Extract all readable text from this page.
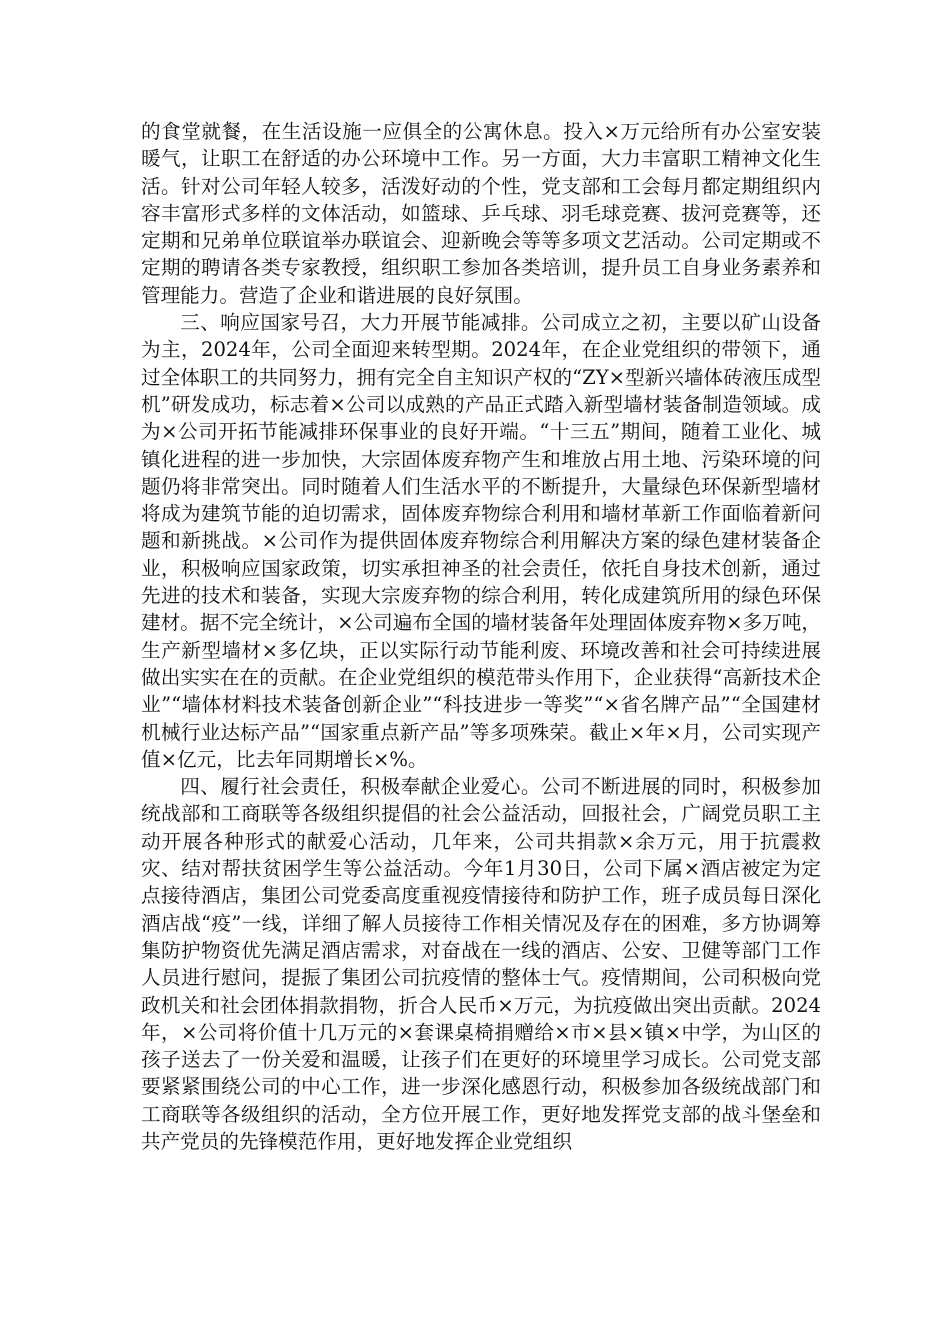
的食堂就餐，在生活设施一应俱全的公寓休息。投入×万元给所有办公室安装暖气，让职工在舒适的办公环境中工作。另一方面，大力丰富职工精神文化生活。针对公司年轻人较多，活泼好动的个性，党支部和工会每月都定期组织内容丰富形式多样的文体活动，如篮球、乒乓球、羽毛球竞赛、拔河竞赛等，还定期和兄弟单位联谊举办联谊会、迎新晚会等等多项文艺活动。公司定期或不定期的聘请各类专家教授，组织职工参加各类培训，提升员工自身业务素养和管理能力。营造了企业和谐进展的良好氛围。

三、响应国家号召，大力开展节能减排。公司成立之初，主要以矿山设备为主，2024年，公司全面迎来转型期。2024年，在企业党组织的带领下，通过全体职工的共同努力，拥有完全自主知识产权的“ZY×型新兴墙体砖液压成型机”研发成功，标志着×公司以成熟的产品正式踏入新型墙材装备制造领域。成为×公司开拓节能减排环保事业的良好开端。“十三五”期间，随着工业化、城镇化进程的进一步加快，大宗固体废弃物产生和堆放占用土地、污染环境的问题仍将非常突出。同时随着人们生活水平的不断提升，大量绿色环保新型墙材将成为建筑节能的迫切需求，固体废弃物综合利用和墙材革新工作面临着新问题和新挑战。×公司作为提供固体废弃物综合利用解决方案的绿色建材装备企业，积极响应国家政策，切实承担神圣的社会责任，依托自身技术创新，通过先进的技术和装备，实现大宗废弃物的综合利用，转化成建筑所用的绿色环保建材。据不完全统计，×公司遍布全国的墙材装备年处理固体废弃物×多万吨，生产新型墙材×多亿块，正以实际行动节能利废、环境改善和社会可持续进展做出实实在在的贡献。在企业党组织的模范带头作用下，企业获得“高新技术企业”“墙体材料技术装备创新企业”“科技进步一等奖”“×省名牌产品”“全国建材机械行业达标产品”“国家重点新产品”等多项殊荣。截止×年×月，公司实现产值×亿元，比去年同期增长×%。

四、履行社会责任，积极奉献企业爱心。公司不断进展的同时，积极参加统战部和工商联等各级组织提倡的社会公益活动，回报社会，广阔党员职工主动开展各种形式的献爱心活动，几年来，公司共捐款×余万元，用于抗震救灾、结对帮扶贫困学生等公益活动。今年1月30日，公司下属×酒店被定为定点接待酒店，集团公司党委高度重视疫情接待和防护工作，班子成员每日深化酒店战“疫”一线，详细了解人员接待工作相关情况及存在的困难，多方协调筹集防护物资优先满足酒店需求，对奋战在一线的酒店、公安、卫健等部门工作人员进行慰问，提振了集团公司抗疫情的整体士气。疫情期间，公司积极向党政机关和社会团体捐款捐物，折合人民币×万元，为抗疫做出突出贡献。2024年，×公司将价值十几万元的×套课桌椅捐赠给×市×县×镇×中学，为山区的孩子送去了一份关爱和温暖，让孩子们在更好的环境里学习成长。公司党支部要紧紧围绕公司的中心工作，进一步深化感恩行动，积极参加各级统战部门和工商联等各级组织的活动，全方位开展工作，更好地发挥党支部的战斗堡垒和共产党员的先锋模范作用，更好地发挥企业党组织
